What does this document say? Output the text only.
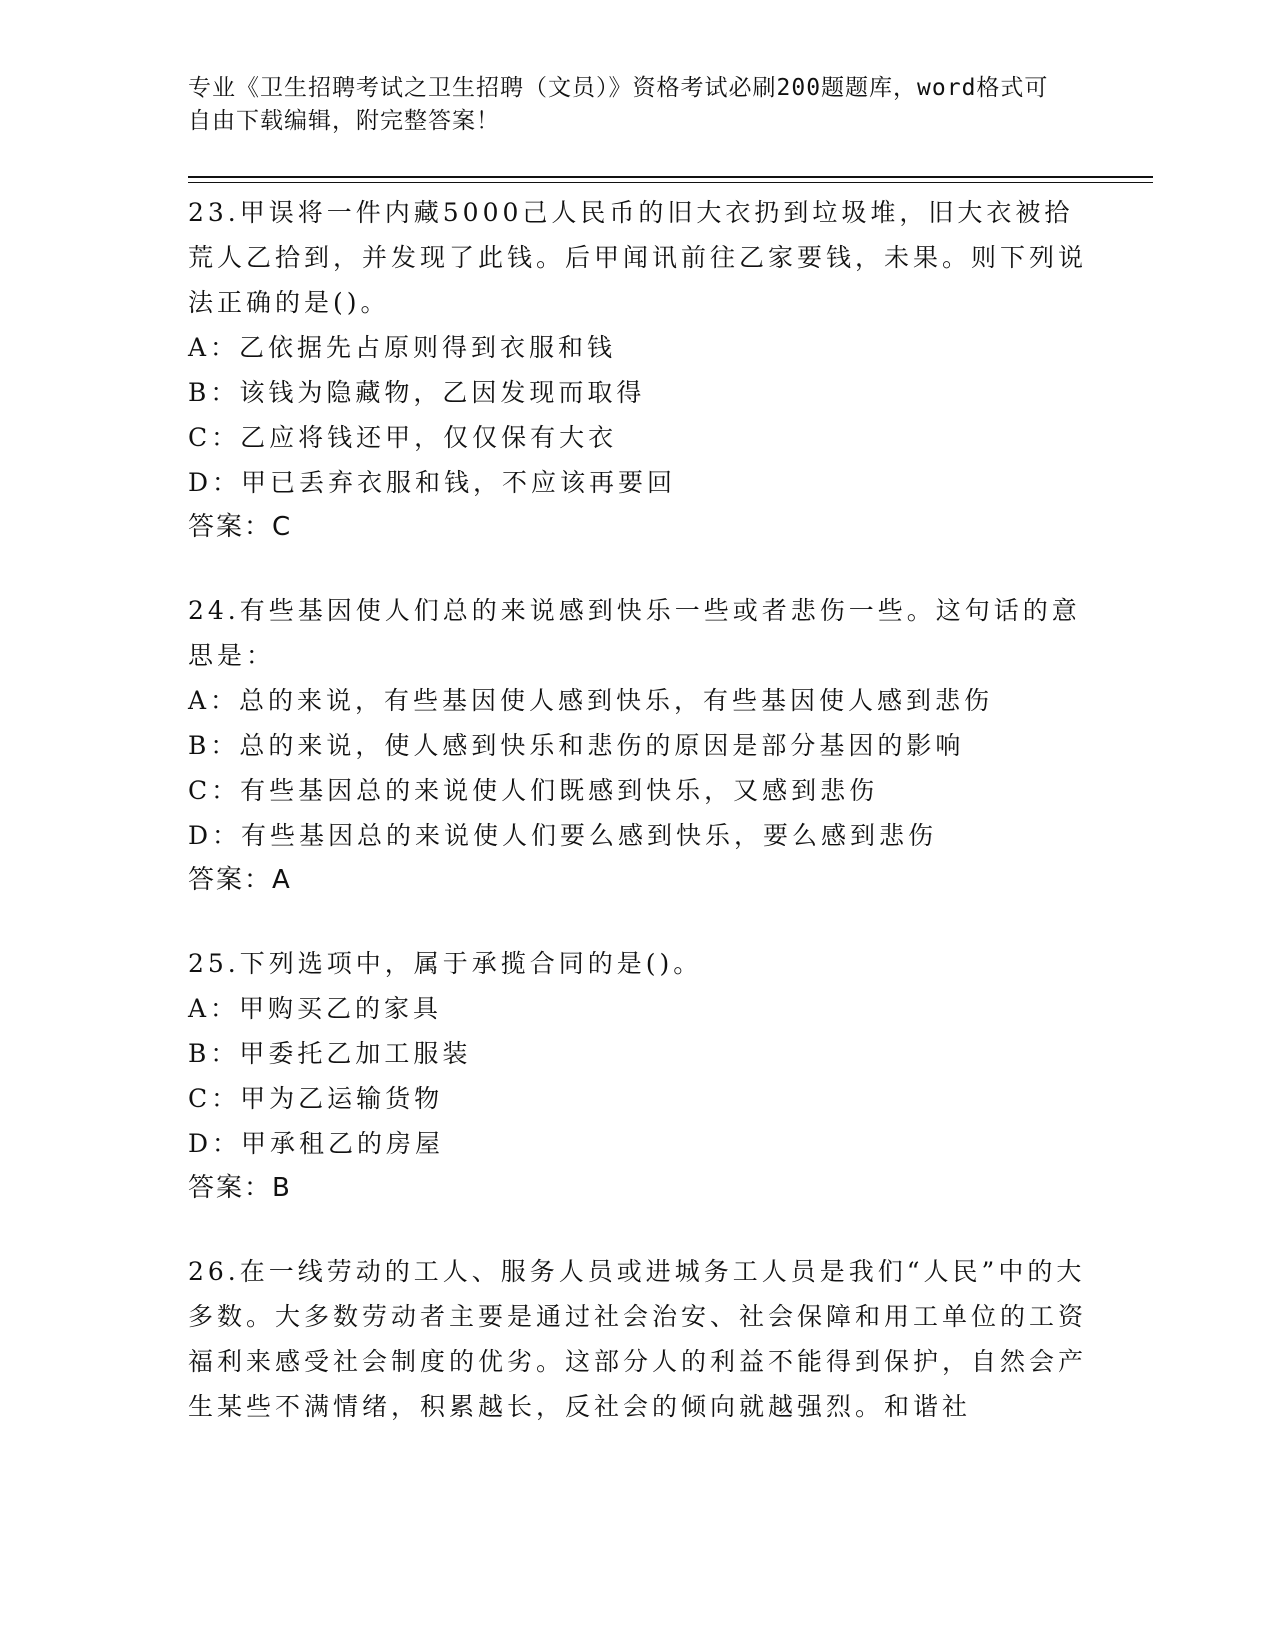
专业《卫生招聘考试之卫生招聘（文员）》资格考试必刷200题题库，word格式可自由下载编辑，附完整答案！

23.甲误将一件内藏5000己人民币的旧大衣扔到垃圾堆，旧大衣被拾荒人乙拾到，并发现了此钱。后甲闻讯前往乙家要钱，未果。则下列说法正确的是()。

A：乙依据先占原则得到衣服和钱
B：该钱为隐藏物，乙因发现而取得
C：乙应将钱还甲，仅仅保有大衣
D：甲已丢弃衣服和钱，不应该再要回
答案：C

24.有些基因使人们总的来说感到快乐一些或者悲伤一些。这句话的意思是：

A：总的来说，有些基因使人感到快乐，有些基因使人感到悲伤
B：总的来说，使人感到快乐和悲伤的原因是部分基因的影响
C：有些基因总的来说使人们既感到快乐，又感到悲伤
D：有些基因总的来说使人们要么感到快乐，要么感到悲伤
答案：A

25.下列选项中，属于承揽合同的是()。

A：甲购买乙的家具
B：甲委托乙加工服装
C：甲为乙运输货物
D：甲承租乙的房屋
答案：B

26.在一线劳动的工人、服务人员或进城务工人员是我们“人民”中的大多数。大多数劳动者主要是通过社会治安、社会保障和用工单位的工资福利来感受社会制度的优劣。这部分人的利益不能得到保护，自然会产生某些不满情绪，积累越长，反社会的倾向就越强烈。和谐社
